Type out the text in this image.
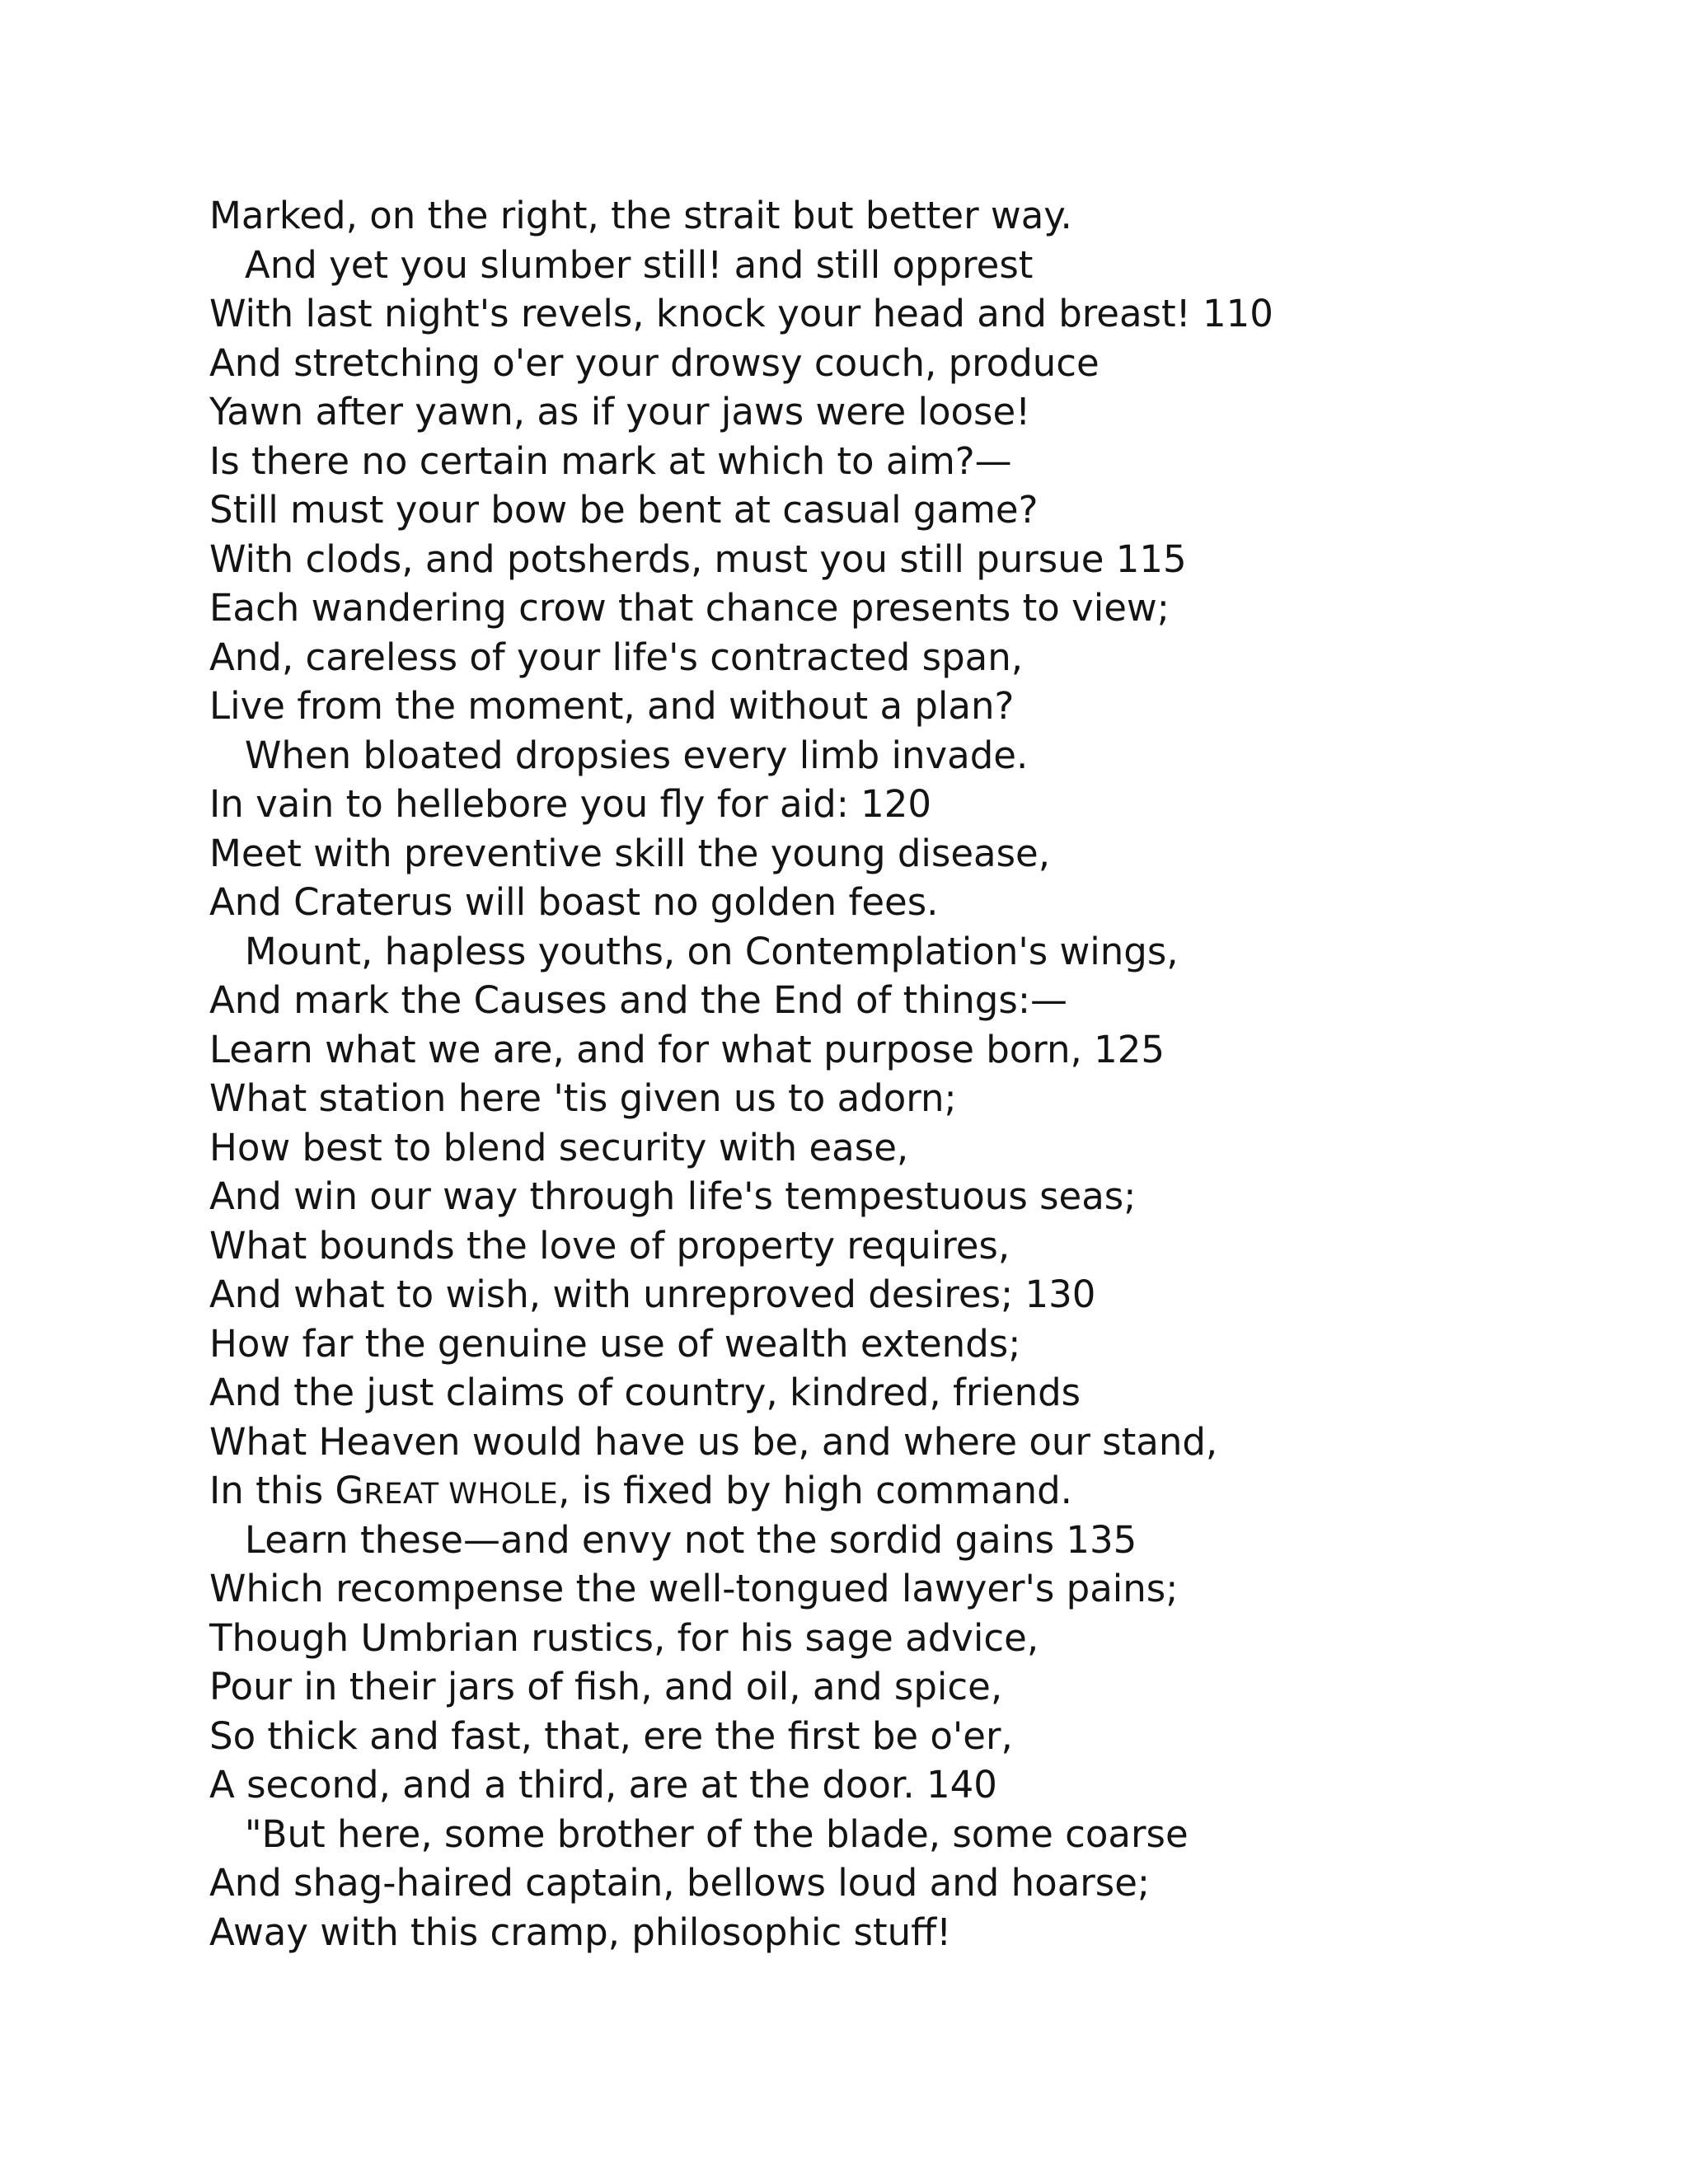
Marked, on the right, the strait but better way.
And yet you slumber still! and still opprest
With last night's revels, knock your head and breast! 110
And stretching o'er your drowsy couch, produce
Yawn after yawn, as if your jaws were loose!
Is there no certain mark at which to aim?—
Still must your bow be bent at casual game?
With clods, and potsherds, must you still pursue 115
Each wandering crow that chance presents to view;
And, careless of your life's contracted span,
Live from the moment, and without a plan?
When bloated dropsies every limb invade.
In vain to hellebore you fly for aid: 120
Meet with preventive skill the young disease,
And Craterus will boast no golden fees.
Mount, hapless youths, on Contemplation's wings,
And mark the Causes and the End of things:—
Learn what we are, and for what purpose born, 125
What station here 'tis given us to adorn;
How best to blend security with ease,
And win our way through life's tempestuous seas;
What bounds the love of property requires,
And what to wish, with unreproved desires; 130
How far the genuine use of wealth extends;
And the just claims of country, kindred, friends
What Heaven would have us be, and where our stand,
In this GREAT WHOLE, is fixed by high command.
Learn these—and envy not the sordid gains 135
Which recompense the well-tongued lawyer's pains;
Though Umbrian rustics, for his sage advice,
Pour in their jars of fish, and oil, and spice,
So thick and fast, that, ere the first be o'er,
A second, and a third, are at the door. 140
"But here, some brother of the blade, some coarse
And shag-haired captain, bellows loud and hoarse;
Away with this cramp, philosophic stuff!
